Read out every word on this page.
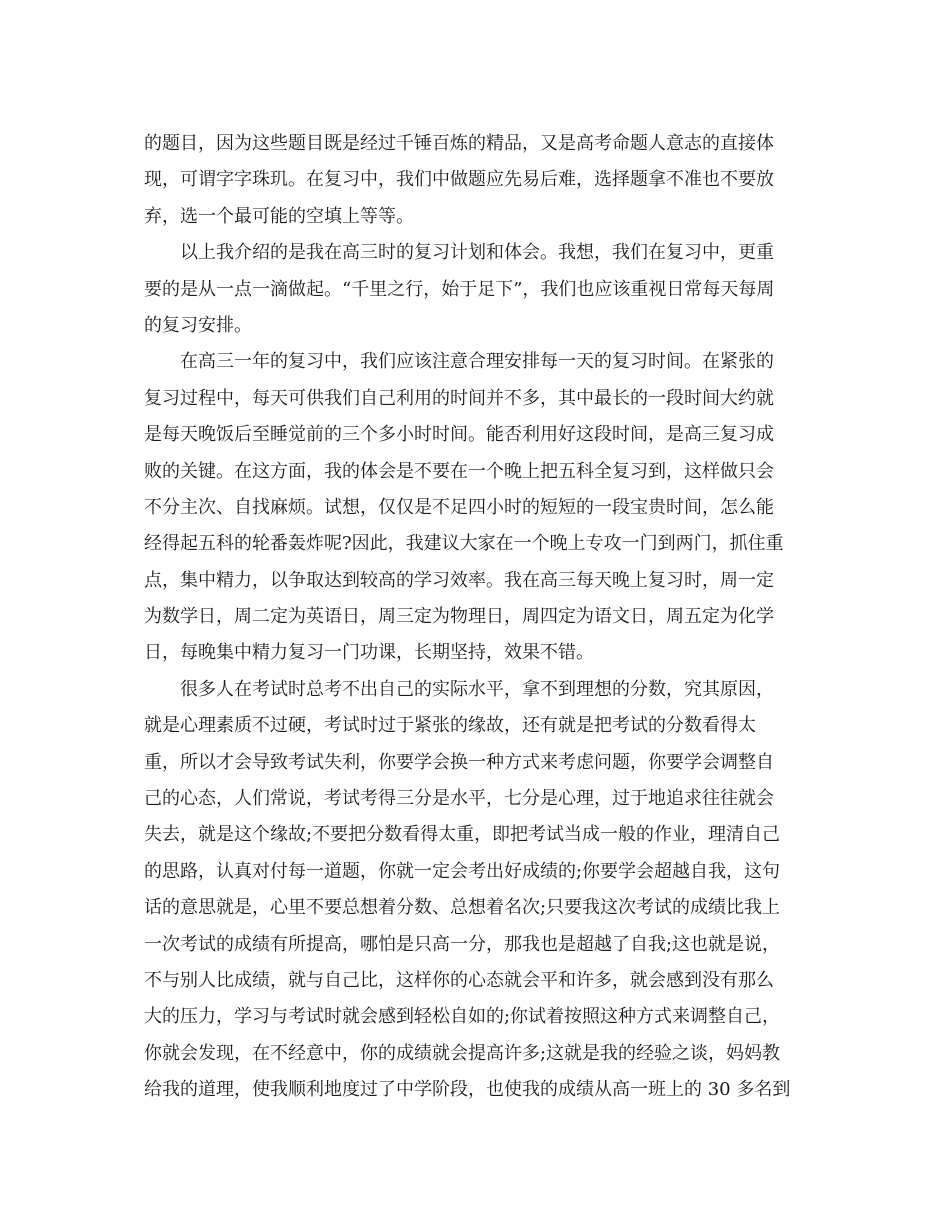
的题目，因为这些题目既是经过千锤百炼的精品，又是高考命题人意志的直接体
现，可谓字字珠玑。在复习中，我们中做题应先易后难，选择题拿不准也不要放
弃，选一个最可能的空填上等等。
以上我介绍的是我在高三时的复习计划和体会。我想，我们在复习中，更重
要的是从一点一滴做起。“千里之行，始于足下”，我们也应该重视日常每天每周
的复习安排。
在高三一年的复习中，我们应该注意合理安排每一天的复习时间。在紧张的
复习过程中，每天可供我们自己利用的时间并不多，其中最长的一段时间大约就
是每天晚饭后至睡觉前的三个多小时时间。能否利用好这段时间，是高三复习成
败的关键。在这方面，我的体会是不要在一个晚上把五科全复习到，这样做只会
不分主次、自找麻烦。试想，仅仅是不足四小时的短短的一段宝贵时间，怎么能
经得起五科的轮番轰炸呢?因此，我建议大家在一个晚上专攻一门到两门，抓住重
点，集中精力，以争取达到较高的学习效率。我在高三每天晚上复习时，周一定
为数学日，周二定为英语日，周三定为物理日，周四定为语文日，周五定为化学
日，每晚集中精力复习一门功课，长期坚持，效果不错。
很多人在考试时总考不出自己的实际水平，拿不到理想的分数，究其原因，
就是心理素质不过硬，考试时过于紧张的缘故，还有就是把考试的分数看得太
重，所以才会导致考试失利，你要学会换一种方式来考虑问题，你要学会调整自
己的心态，人们常说，考试考得三分是水平，七分是心理，过于地追求往往就会
失去，就是这个缘故;不要把分数看得太重，即把考试当成一般的作业，理清自己
的思路，认真对付每一道题，你就一定会考出好成绩的;你要学会超越自我，这句
话的意思就是，心里不要总想着分数、总想着名次;只要我这次考试的成绩比我上
一次考试的成绩有所提高，哪怕是只高一分，那我也是超越了自我;这也就是说，
不与别人比成绩，就与自己比，这样你的心态就会平和许多，就会感到没有那么
大的压力，学习与考试时就会感到轻松自如的;你试着按照这种方式来调整自己，
你就会发现，在不经意中，你的成绩就会提高许多;这就是我的经验之谈，妈妈教
给我的道理，使我顺利地度过了中学阶段，也使我的成绩从高一班上的 30 多名到
